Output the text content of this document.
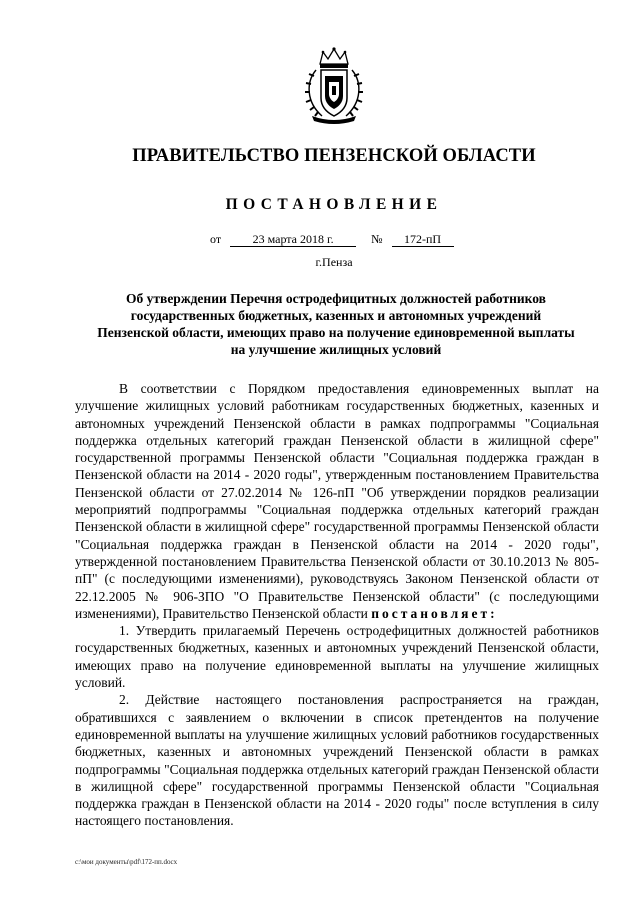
ПРАВИТЕЛЬСТВО ПЕНЗЕНСКОЙ ОБЛАСТИ
ПОСТАНОВЛЕНИЕ
от	23 марта 2018 г.	№ 172-пП
г.Пенза

Об утверждении Перечня остродефицитных должностей работников государственных бюджетных, казенных и автономных учреждений Пензенской области, имеющих право на получение единовременной выплаты на улучшение жилищных условий

В соответствии с Порядком предоставления единовременных выплат на улучшение жилищных условий работникам государственных бюджетных, казенных и автономных учреждений Пензенской области в рамках подпрограммы "Социальная поддержка отдельных категорий граждан Пензенской области в жилищной сфере" государственной программы Пензенской области "Социальная поддержка граждан в Пензенской области на 2014 - 2020 годы", утвержденным постановлением Правительства Пензенской области от 27.02.2014 № 126-пП "Об утверждении порядков реализации мероприятий подпрограммы "Социальная поддержка отдельных категорий граждан Пензенской области в жилищной сфере" государственной программы Пензенской области "Социальная поддержка граждан в Пензенской области на 2014 - 2020 годы", утвержденной постановлением Правительства Пензенской области от 30.10.2013 № 805-пП" (с последующими изменениями), руководствуясь Законом Пензенской области от 22.12.2005 № 906-ЗПО "О Правительстве Пензенской области" (с последующими изменениями), Правительство Пензенской области постановляет:

1. Утвердить прилагаемый Перечень остродефицитных должностей работников государственных бюджетных, казенных и автономных учреждений Пензенской области, имеющих право на получение единовременной выплаты на улучшение жилищных условий.

2. Действие настоящего постановления распространяется на граждан, обратившихся с заявлением о включении в список претендентов на получение единовременной выплаты на улучшение жилищных условий работников государственных бюджетных, казенных и автономных учреждений Пензенской области в рамках подпрограммы "Социальная поддержка отдельных категорий граждан Пензенской области в жилищной сфере" государственной программы Пензенской области "Социальная поддержка граждан в Пензенской области на 2014 - 2020 годы" после вступления в силу настоящего постановления.

c:\мои документы\pdf\172-пп.docx
